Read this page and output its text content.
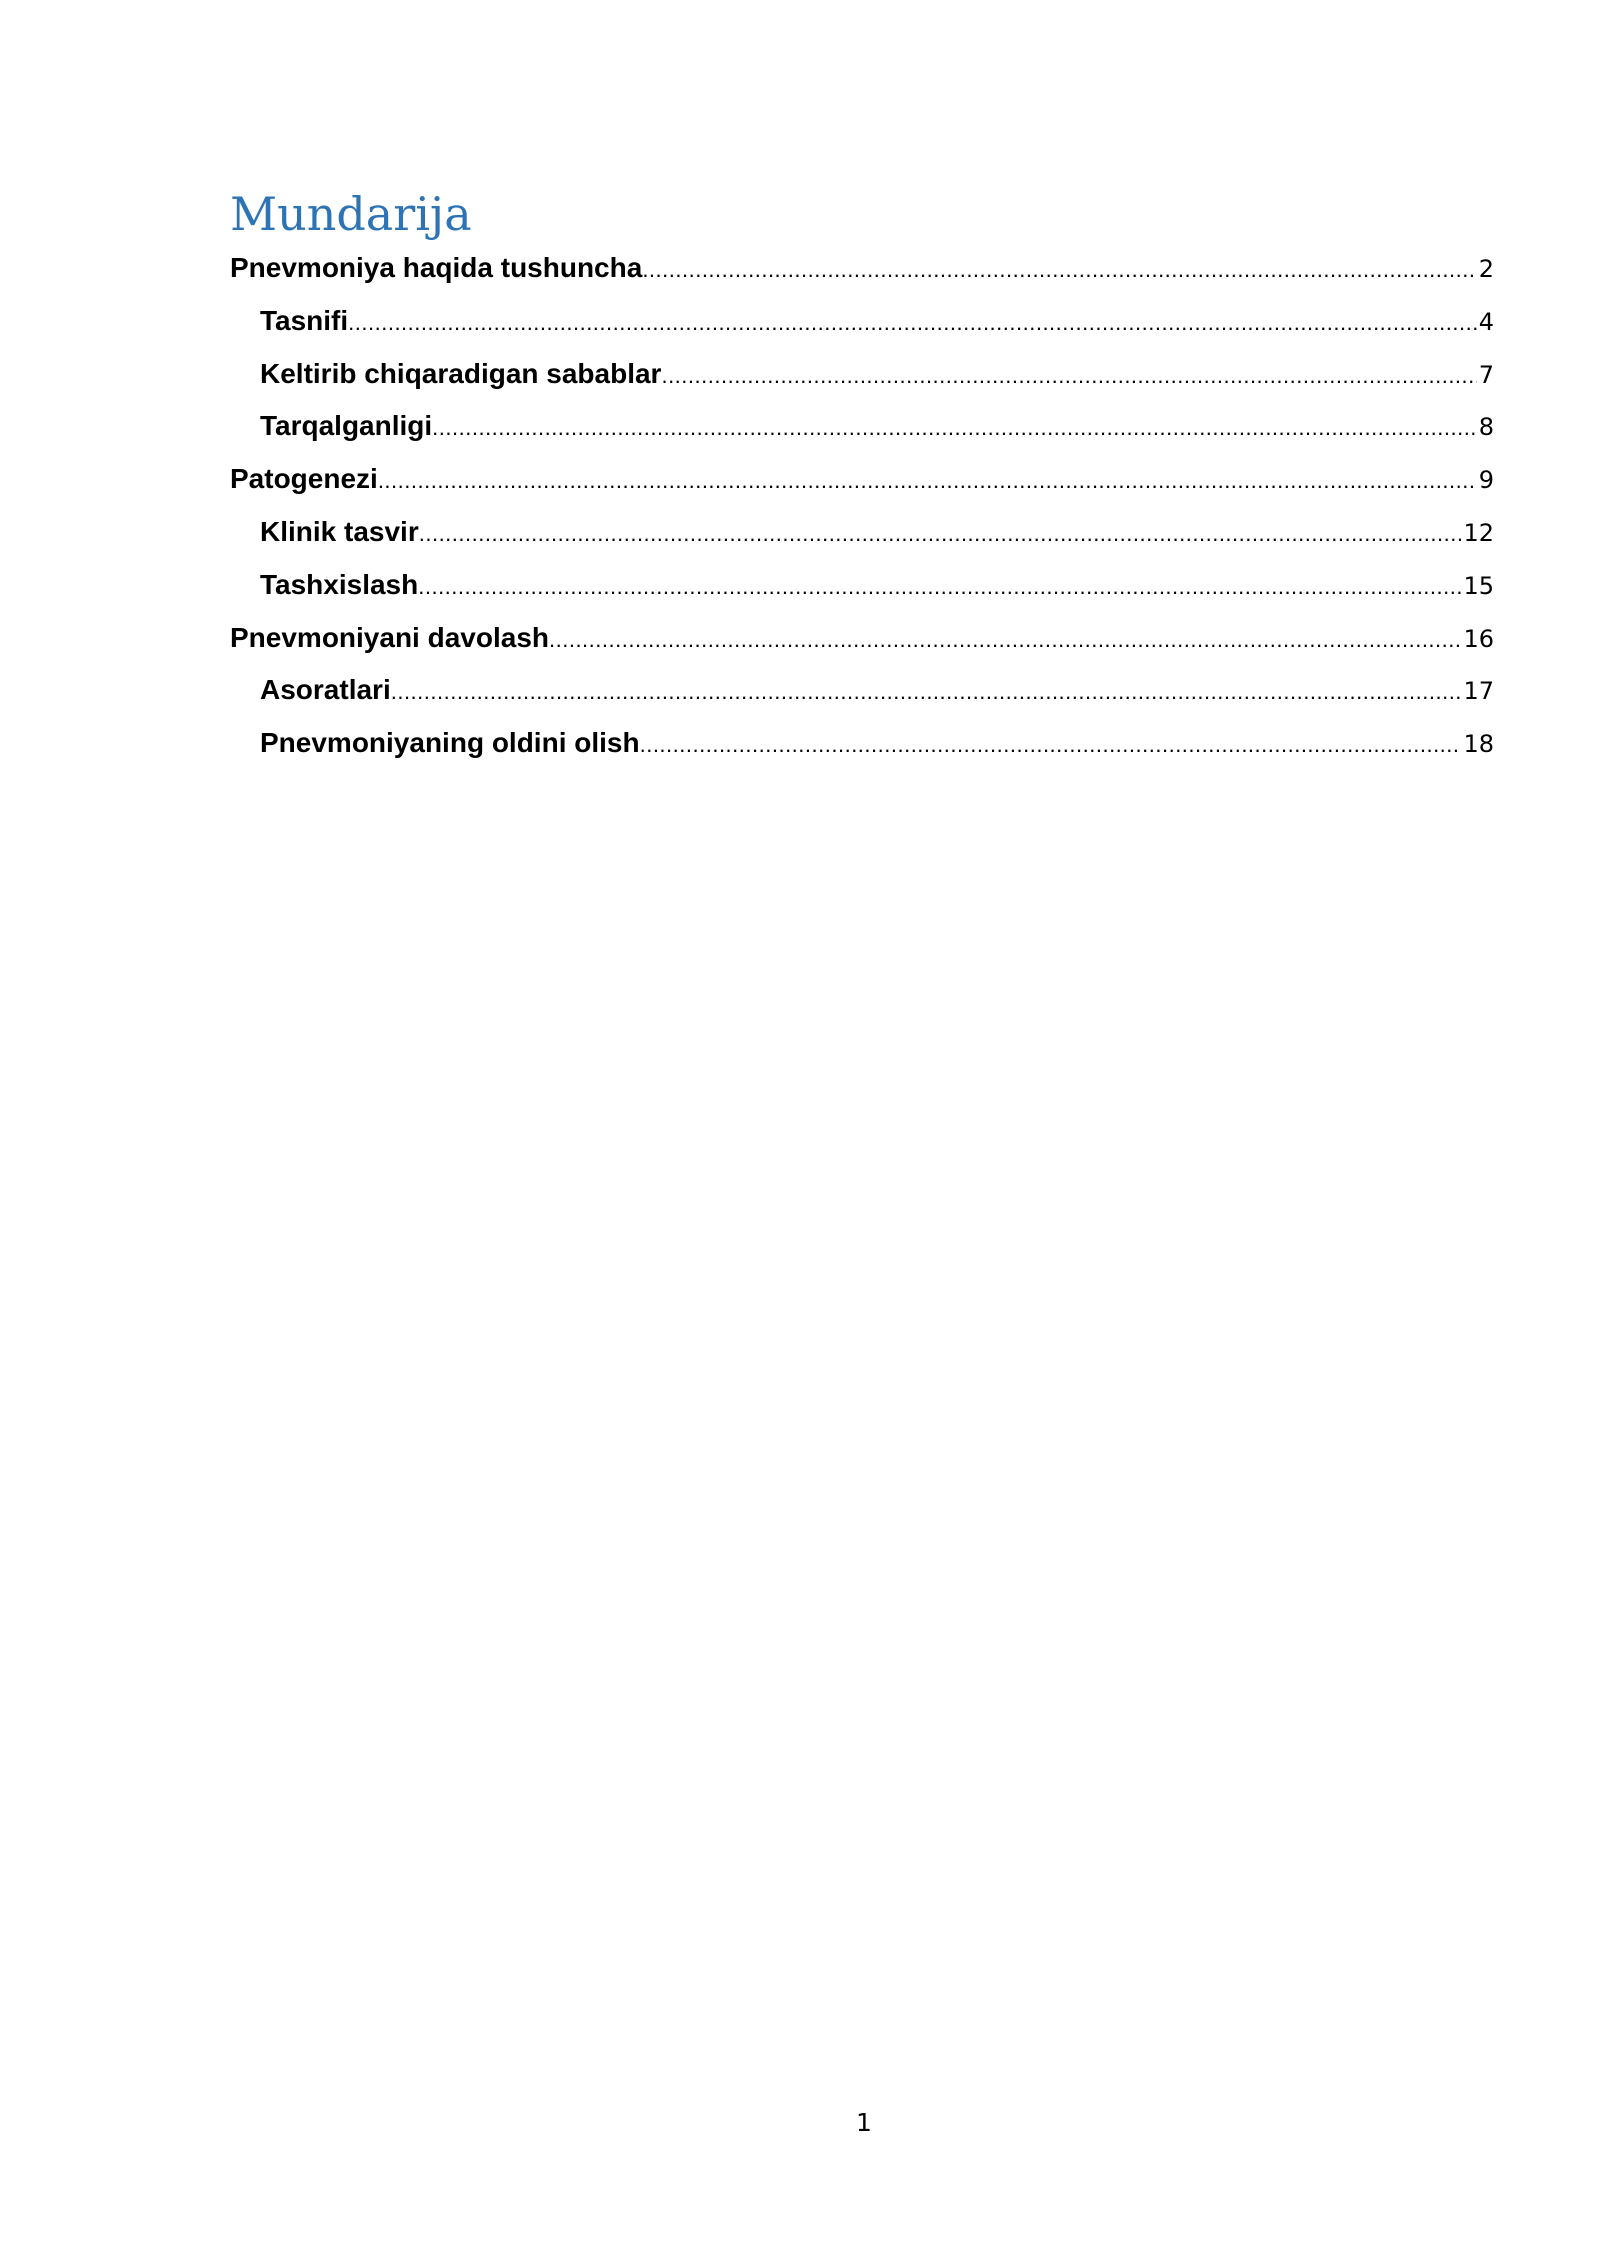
Mundarija
Pnevmoniya haqida tushuncha .....	2
Tasnifi .....	4
Keltirib chiqaradigan sabablar .....	7
Tarqalganligi .....	8
Patogenezi .....	9
Klinik tasvir .....	12
Tashxislash .....	15
Pnevmoniyani davolash .....	16
Asoratlari .....	17
Pnevmoniyaning oldini olish .....	18
1
